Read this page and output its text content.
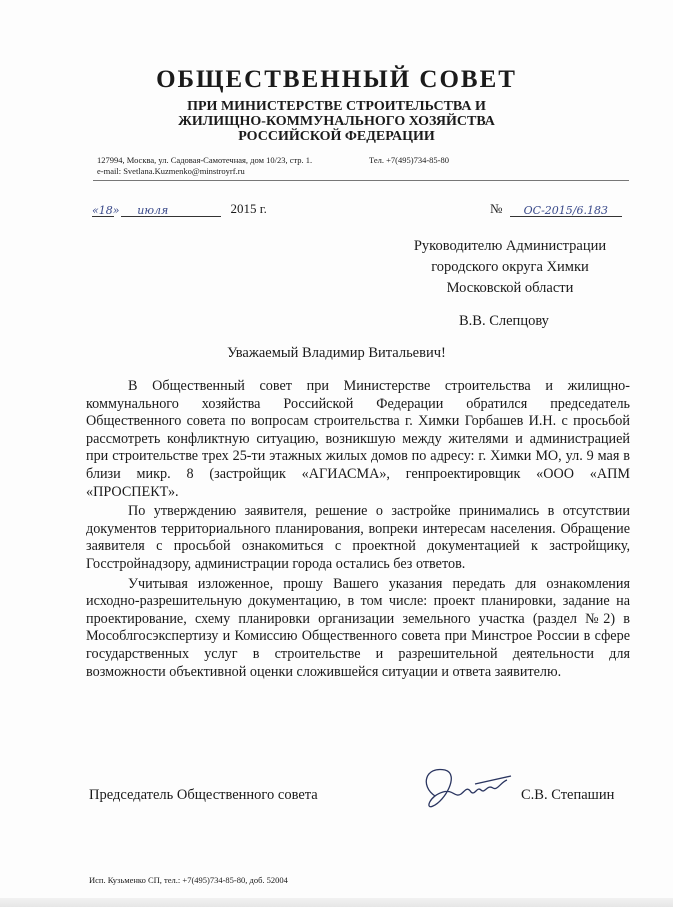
ОБЩЕСТВЕННЫЙ СОВЕТ
ПРИ МИНИСТЕРСТВЕ СТРОИТЕЛЬСТВА И
ЖИЛИЩНО-КОММУНАЛЬНОГО ХОЗЯЙСТВА
РОССИЙСКОЙ ФЕДЕРАЦИИ
127994, Москва, ул. Садовая-Самотечная, дом 10/23, стр. 1.
e-mail: Svetlana.Kuzmenko@minstroyrf.ru
Тел. +7(495)734-85-80
«18» июля	2015 г.	№ ОС-2015/6.183
Руководителю Администрации
городского округа Химки
Московской области
В.В. Слепцову
Уважаемый Владимир Витальевич!

В Общественный совет при Министерстве строительства и жилищно-коммунального хозяйства Российской Федерации обратился председатель Общественного совета по вопросам строительства г. Химки Горбашев И.Н. с просьбой рассмотреть конфликтную ситуацию, возникшую между жителями и администрацией при строительстве трех 25-ти этажных жилых домов по адресу: г. Химки МО, ул. 9 мая в близи микр. 8 (застройщик «АГИАСМА», генпроектировщик «ООО «АПМ «ПРОСПЕКТ».

По утверждению заявителя, решение о застройке принимались в отсутствии документов территориального планирования, вопреки интересам населения. Обращение заявителя с просьбой ознакомиться с проектной документацией к застройщику, Госстройнадзору, администрации города остались без ответов.

Учитывая изложенное, прошу Вашего указания передать для ознакомления исходно-разрешительную документацию, в том числе: проект планировки, задание на проектирование, схему планировки организации земельного участка (раздел №2) в Мособлгосэкспертизу и Комиссию Общественного совета при Минстрое России в сфере государственных услуг в строительстве и разрешительной деятельности для возможности объективной оценки сложившейся ситуации и ответа заявителю.

Председатель Общественного совета	С.В. Степашин
Исп. Кузьменко СП, тел.: +7(495)734-85-80, доб. 52004
